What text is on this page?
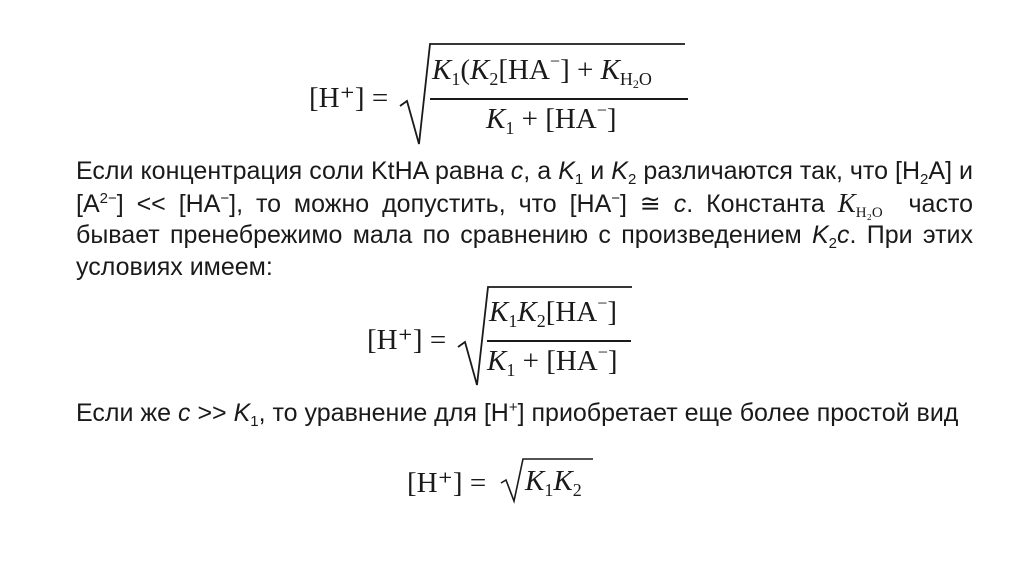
[H⁺] =
$K_1(K_2[HA^-] + K_{H_2O}$
$K_1 + [HA^-]$
Если концентрация соли KtHA равна c, а $K_1$ и $K_2$ различаются так, что $[H_2A]$ и $[A^{2-}] << [HA^-]$, то можно допустить, что [HA−] ≅ c. Константа $K_{H_2O}$ часто бывает пренебрежимо мала по сравнению с произведением $K_2c$. При этих условиях имеем:
[H⁺] =
$K_1K_2[HA^-]$
$K_1 + [HA^-]$
Если же $c >> K_1$, то уравнение для [H+] приобретает еще более простой вид
$[H^+] = K_1K_2$
